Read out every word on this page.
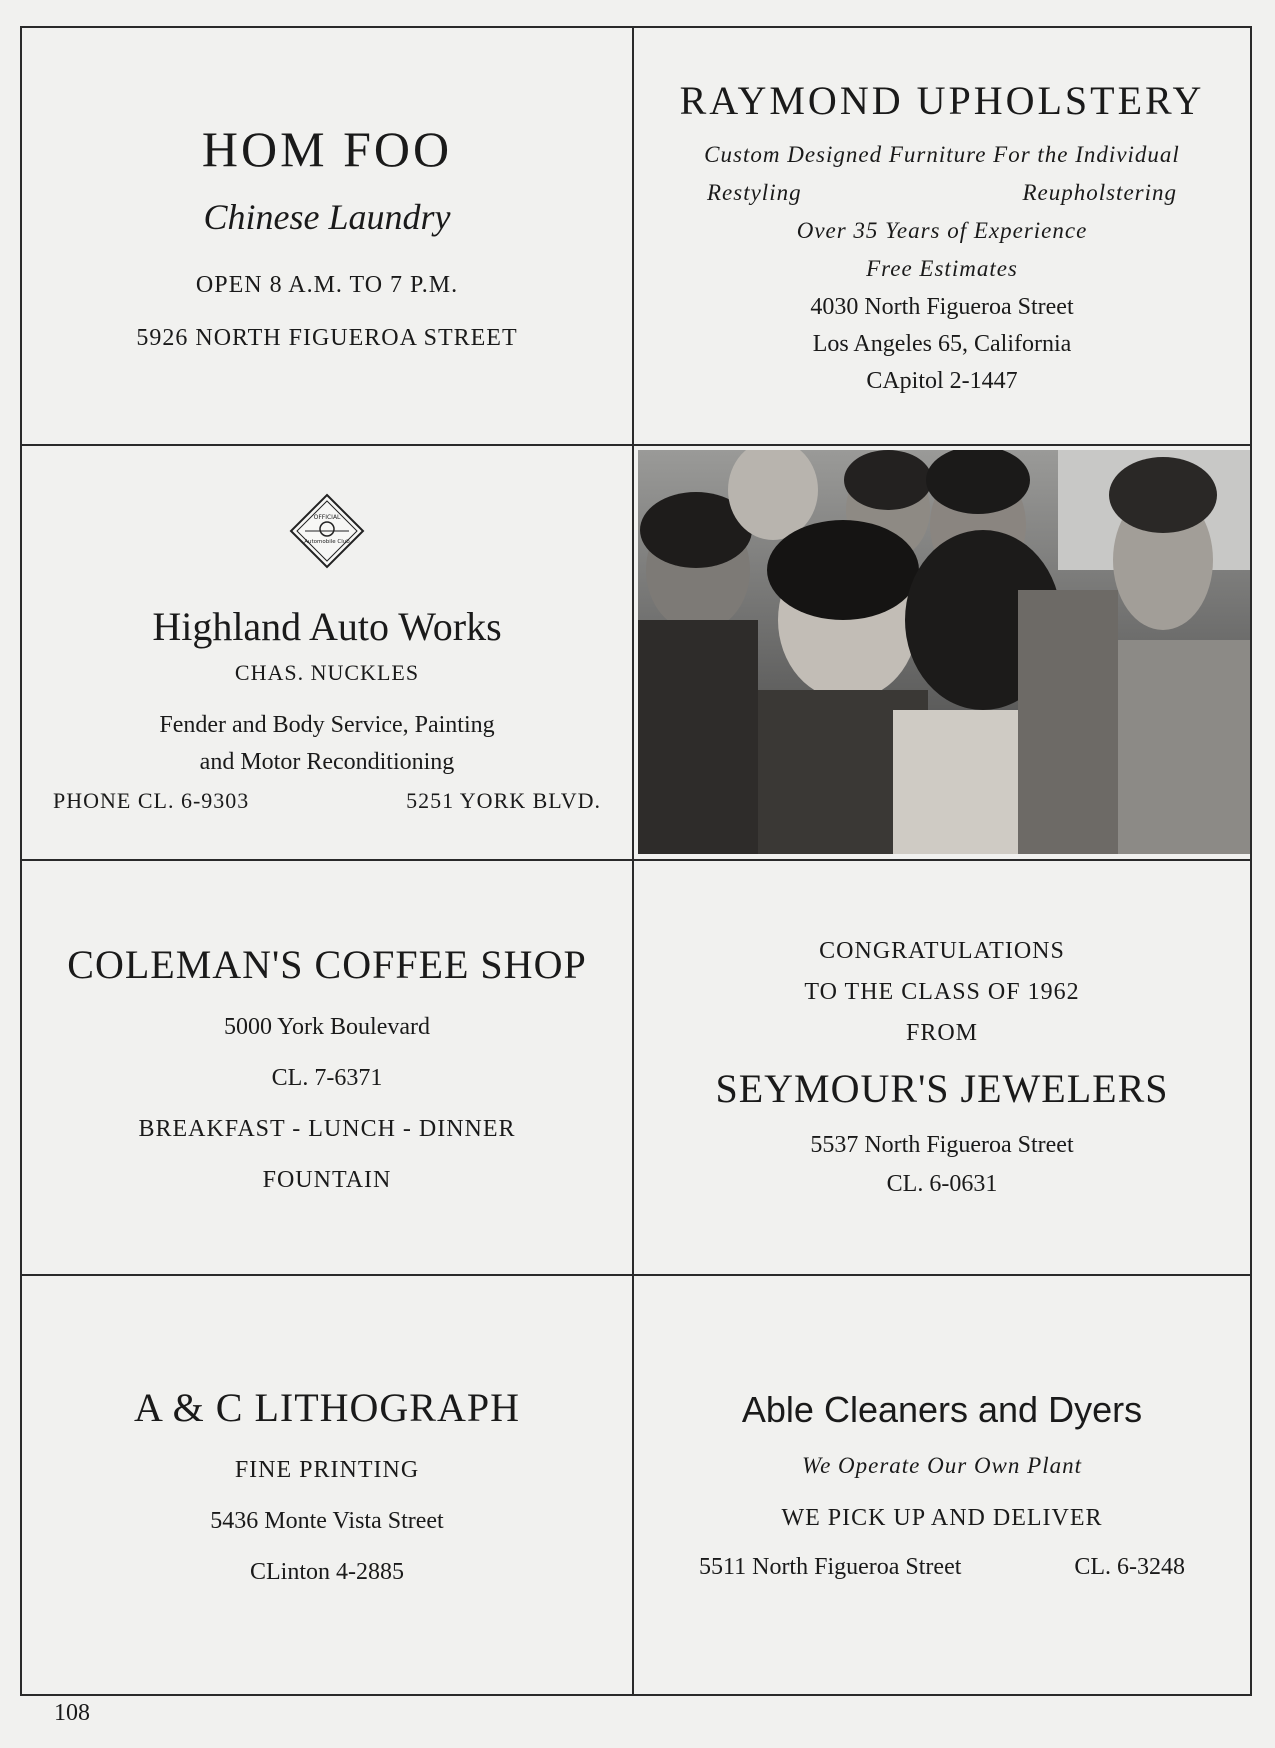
HOM FOO
Chinese Laundry
OPEN 8 A.M. TO 7 P.M.
5926 NORTH FIGUEROA STREET
RAYMOND UPHOLSTERY
Custom Designed Furniture For the Individual
Restyling	Reupholstering
Over 35 Years of Experience
Free Estimates
4030 North Figueroa Street
Los Angeles 65, California
CApitol 2-1447
OFFICIAL
Automobile Club
Highland Auto Works
CHAS. NUCKLES
Fender and Body Service, Painting
and Motor Reconditioning
PHONE CL. 6-9303	5251 YORK BLVD.
COLEMAN'S COFFEE SHOP
5000 York Boulevard
CL. 7-6371
BREAKFAST - LUNCH - DINNER
FOUNTAIN
CONGRATULATIONS
TO THE CLASS OF 1962
FROM
SEYMOUR'S JEWELERS
5537 North Figueroa Street
CL. 6-0631
A & C LITHOGRAPH
FINE PRINTING
5436 Monte Vista Street
CLinton 4-2885
Able Cleaners and Dyers
We Operate Our Own Plant
WE PICK UP AND DELIVER
5511 North Figueroa Street	CL. 6-3248
108
